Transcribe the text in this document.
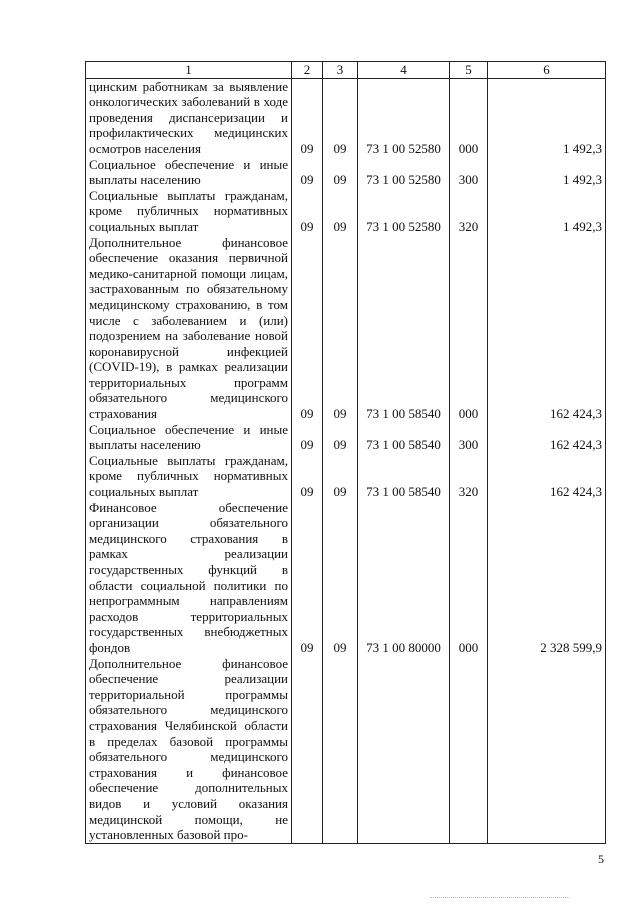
1	2	3	4	5	6
цинским работникам за выявление онкологических заболеваний в ходе проведения диспансеризации и профилактических медицинских осмотров населения	09	09	73 1 00 52580	000	1 492,3
Социальное обеспечение и иные выплаты населению	09	09	73 1 00 52580	300	1 492,3
Социальные выплаты гражданам, кроме публичных нормативных социальных выплат	09	09	73 1 00 52580	320	1 492,3
Дополнительное финансовое обеспечение оказания первичной медико-санитарной помощи лицам, застрахованным по обязательному медицинскому страхованию, в том числе с заболеванием и (или) подозрением на заболевание новой коронавирусной инфекцией (COVID-19), в рамках реализации территориальных программ обязательного медицинского страхования	09	09	73 1 00 58540	000	162 424,3
Социальное обеспечение и иные выплаты населению	09	09	73 1 00 58540	300	162 424,3
Социальные выплаты гражданам, кроме публичных нормативных социальных выплат	09	09	73 1 00 58540	320	162 424,3
Финансовое обеспечение организации обязательного медицинского страхования в рамках реализации государственных функций в области социальной политики по непрограммным направлениям расходов территориальных государственных внебюджетных фондов	09	09	73 1 00 80000	000	2 328 599,9
Дополнительное финансовое обеспечение реализации территориальной программы обязательного медицинского страхования Челябинской области в пределах базовой программы обязательного медицинского страхования и финансовое обеспечение дополнительных видов и условий оказания медицинской помощи, не установленных базовой про-					
5
